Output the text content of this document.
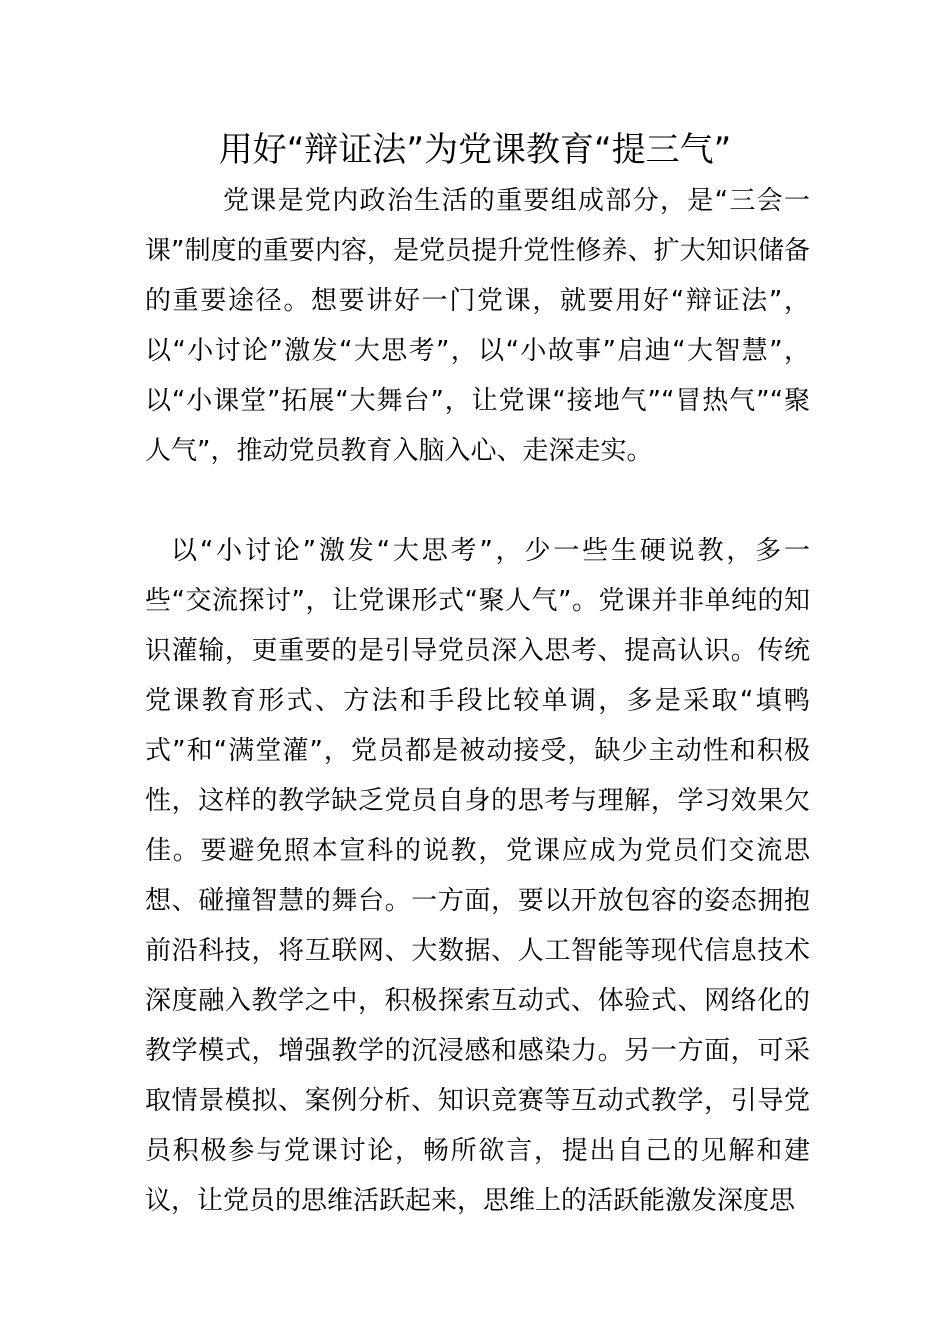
用好“辩证法”为党课教育“提三气”

党课是党内政治生活的重要组成部分，是“三会一课”制度的重要内容，是党员提升党性修养、扩大知识储备的重要途径。想要讲好一门党课，就要用好“辩证法”，以“小讨论”激发“大思考”，以“小故事”启迪“大智慧”，以“小课堂”拓展“大舞台”，让党课“接地气”“冒热气”“聚人气”，推动党员教育入脑入心、走深走实。

以“小讨论”激发“大思考”，少一些生硬说教，多一些“交流探讨”，让党课形式“聚人气”。党课并非单纯的知识灌输，更重要的是引导党员深入思考、提高认识。传统党课教育形式、方法和手段比较单调，多是采取“填鸭式”和“满堂灌”，党员都是被动接受，缺少主动性和积极性，这样的教学缺乏党员自身的思考与理解，学习效果欠佳。要避免照本宣科的说教，党课应成为党员们交流思想、碰撞智慧的舞台。一方面，要以开放包容的姿态拥抱前沿科技，将互联网、大数据、人工智能等现代信息技术深度融入教学之中，积极探索互动式、体验式、网络化的教学模式，增强教学的沉浸感和感染力。另一方面，可采取情景模拟、案例分析、知识竞赛等互动式教学，引导党员积极参与党课讨论，畅所欲言，提出自己的见解和建议，让党员的思维活跃起来，思维上的活跃能激发深度思
